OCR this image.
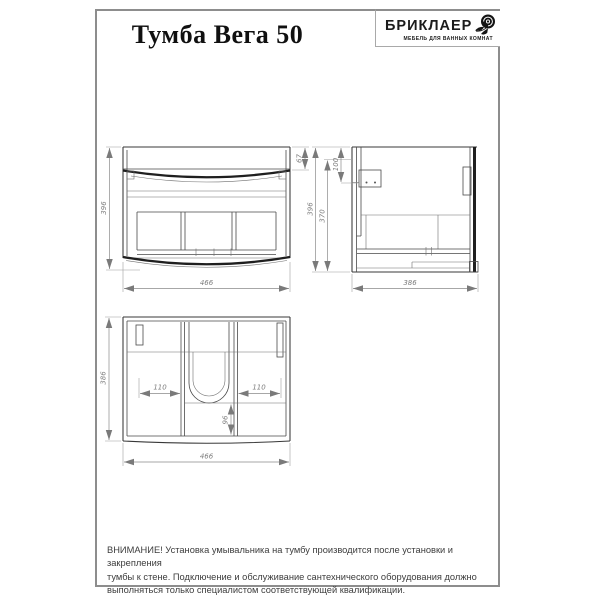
Тумба Вега 50	БРИКЛАЕР
МЕБЕЛЬ ДЛЯ ВАННЫХ КОМНАТ
396
466
67
396
370
100
386
386
466
110	110
96
ВНИМАНИЕ! Установка умывальника на тумбу производится после установки и закрепления
тумбы к стене. Подключение и обслуживание сантехнического оборудования должно
выполняться только специалистом соответствующей квалификации.
